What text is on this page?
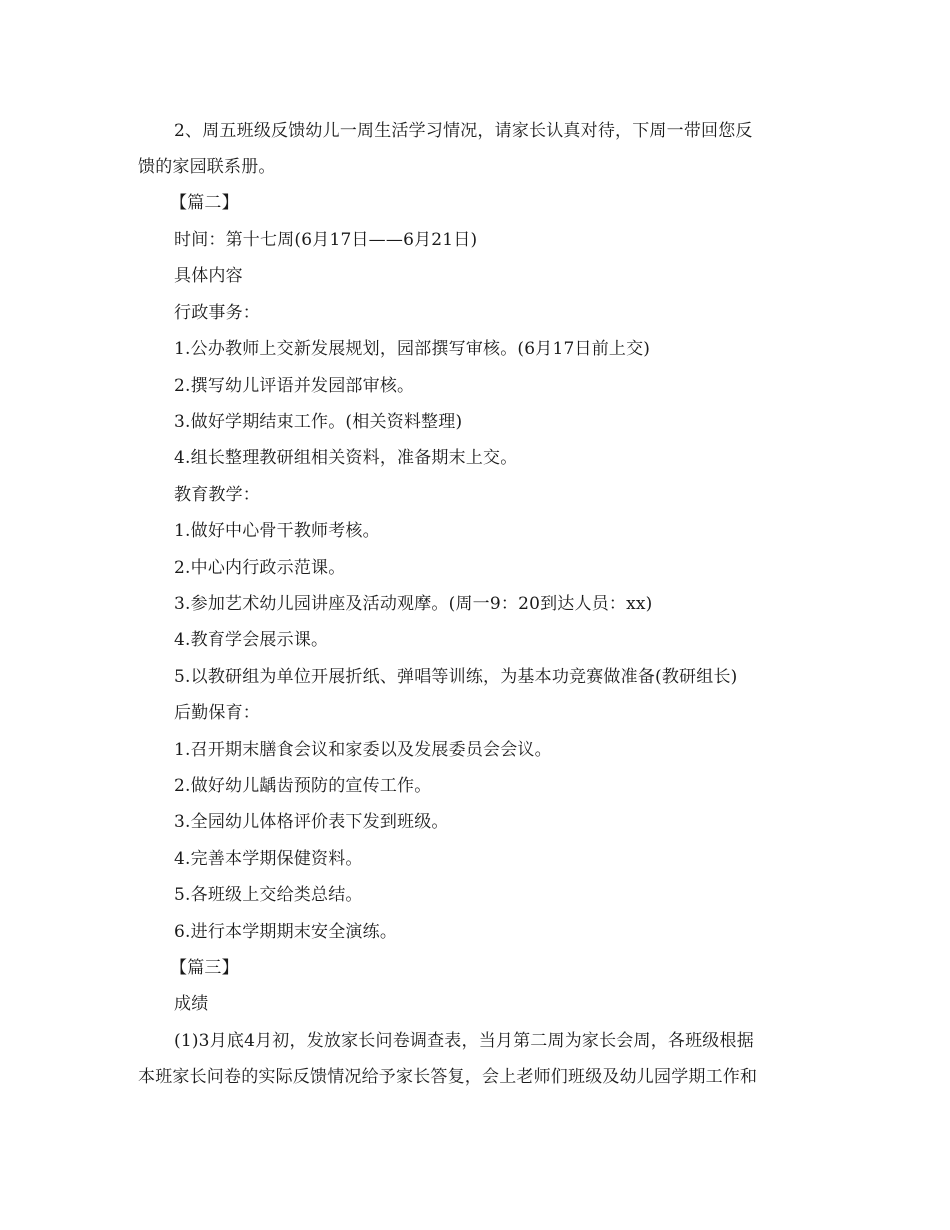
2、周五班级反馈幼儿一周生活学习情况，请家长认真对待，下周一带回您反
馈的家园联系册。
【篇二】
时间：第十七周(6月17日——6月21日)
具体内容
行政事务：
1.公办教师上交新发展规划，园部撰写审核。(6月17日前上交)
2.撰写幼儿评语并发园部审核。
3.做好学期结束工作。(相关资料整理)
4.组长整理教研组相关资料，准备期末上交。
教育教学：
1.做好中心骨干教师考核。
2.中心内行政示范课。
3.参加艺术幼儿园讲座及活动观摩。(周一9：20到达人员：xx)
4.教育学会展示课。
5.以教研组为单位开展折纸、弹唱等训练，为基本功竞赛做准备(教研组长)
后勤保育：
1.召开期末膳食会议和家委以及发展委员会会议。
2.做好幼儿龋齿预防的宣传工作。
3.全园幼儿体格评价表下发到班级。
4.完善本学期保健资料。
5.各班级上交给类总结。
6.进行本学期期末安全演练。
【篇三】
成绩
(1)3月底4月初，发放家长问卷调查表，当月第二周为家长会周，各班级根据
本班家长问卷的实际反馈情况给予家长答复，会上老师们班级及幼儿园学期工作和
